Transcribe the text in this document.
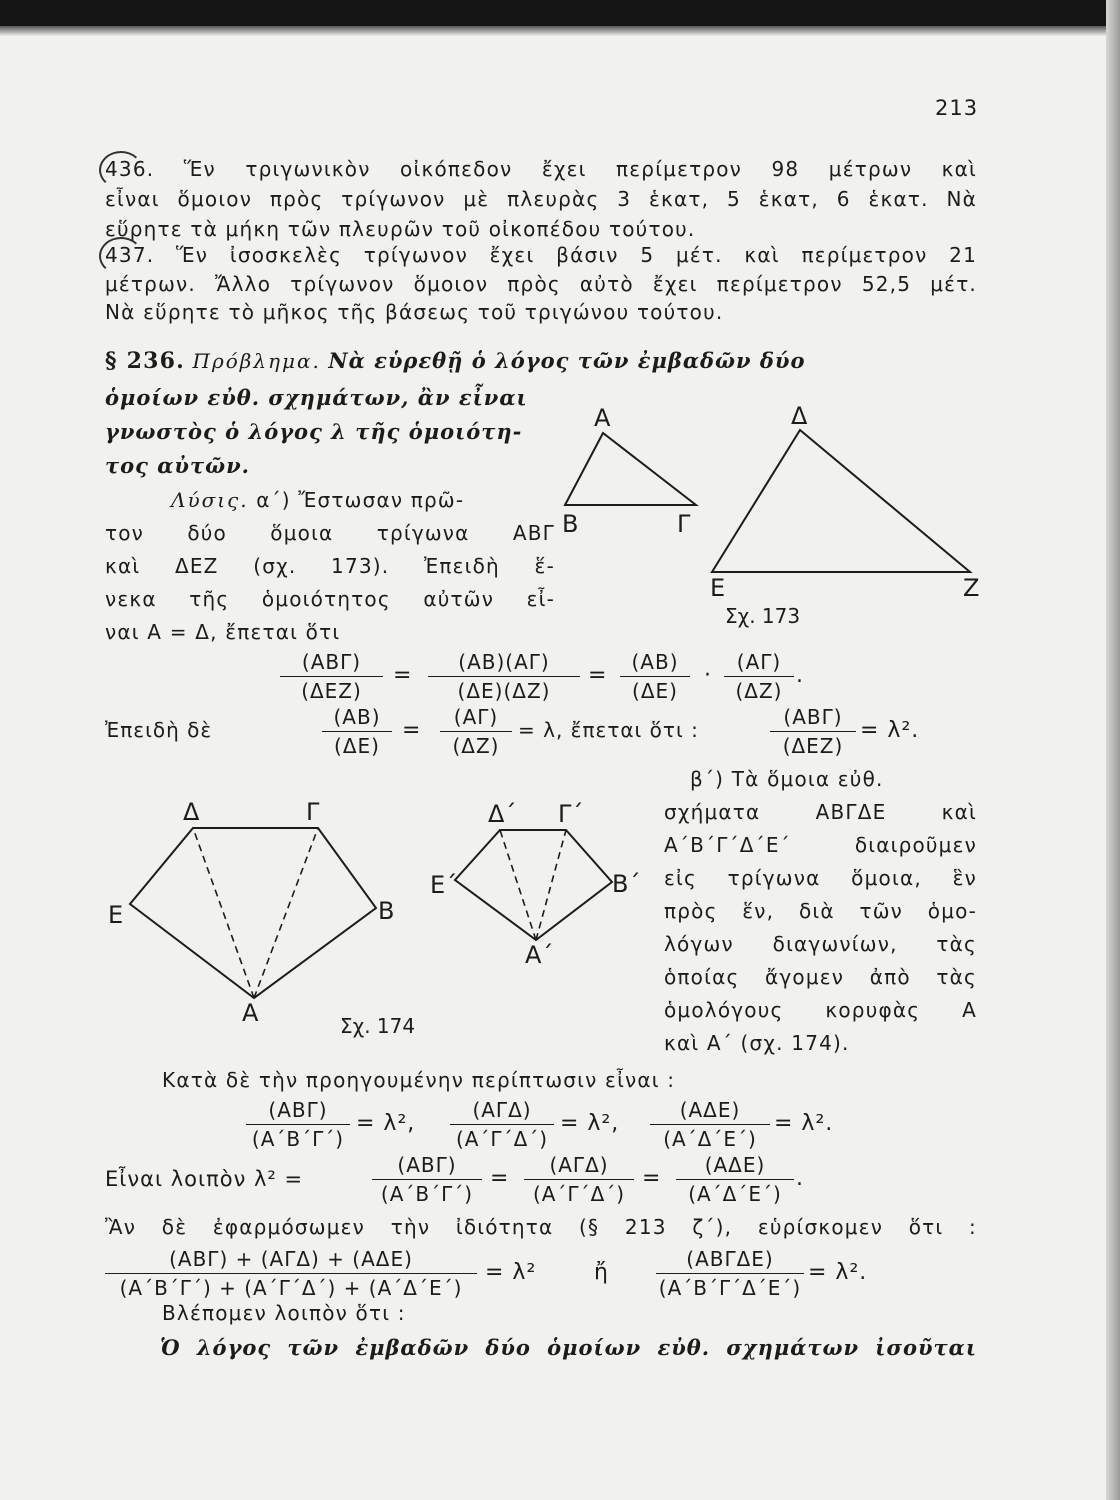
213
436. Ἕν τριγωνικὸν οἰκόπεδον ἔχει περίμετρον 98 μέτρων καὶ
εἶναι ὅμοιον πρὸς τρίγωνον μὲ πλευρὰς 3 ἑκατ, 5 ἑκατ, 6 ἑκατ. Νὰ
εὕρητε τὰ μήκη τῶν πλευρῶν τοῦ οἰκοπέδου τούτου.
437. Ἕν ἰσοσκελὲς τρίγωνον ἔχει βάσιν 5 μέτ. καὶ περίμετρον 21
μέτρων. Ἄλλο τρίγωνον ὅμοιον πρὸς αὐτὸ ἔχει περίμετρον 52,5 μέτ.
Νὰ εὕρητε τὸ μῆκος τῆς βάσεως τοῦ τριγώνου τούτου.
§ 236. Πρόβλημα. Νὰ εὑρεθῇ ὁ λόγος τῶν ἐμβαδῶν δύο
ὁμοίων εὐθ. σχημάτων, ἂν εἶναι
γνωστὸς ὁ λόγος λ τῆς ὁμοιότη-
τος αὐτῶν.
Λύσις. α΄) Ἔστωσαν πρῶ-
τον δύο ὅμοια τρίγωνα ΑΒΓ
καὶ ΔΕΖ (σχ. 173). Ἐπειδὴ ἕ-
νεκα τῆς ὁμοιότητος αὐτῶν εἶ-
ναι Α = Δ, ἔπεται ὅτι
Α
Β	Γ
Δ
Ε	Ζ
Σχ. 173
(ΑΒΓ)
(ΔΕΖ)
= $\frac{(AB)(A\Gamma)}{(\Delta E)(\Delta Z)} = \frac{(AB)}{(\Delta E)} \cdot \frac{(A\Gamma)}{(\Delta Z)}$ .
Ἐπειδὴ δὲ	$\frac{(AB)}{(\Delta E)} = \frac{(A\Gamma)}{(\Delta Z)} = \lambda$, ἔπεται ὅτι :
(ΑΒΓ)
(ΔΕΖ)
= λ².
β΄) Τὰ ὅμοια εὐθ.
σχήματα ΑΒΓΔΕ καὶ
Α΄Β΄Γ΄Δ΄Ε΄ διαιροῦμεν
εἰς τρίγωνα ὅμοια, ἓν
πρὸς ἕν, διὰ τῶν ὁμο-
λόγων διαγωνίων, τὰς
ὁποίας ἄγομεν ἀπὸ τὰς
ὁμολόγους κορυφὰς Α
καὶ Α΄ (σχ. 174).
Δ	Γ
Ε	Β
Α
Δ΄ Γ΄
Ε΄	Β΄
Α΄
Σχ. 174
Κατὰ δὲ τὴν προηγουμένην περίπτωσιν εἶναι :
(ΑΒΓ)
(Α΄Β΄Γ΄)
= λ²,
(ΑΓΔ)
(Α΄Γ΄Δ΄)
= λ²,
(ΑΔΕ)
(Α΄Δ΄Ε΄)
= λ².
Εἶναι λοιπὸν λ² =
(ΑΒΓ)
(Α΄Β΄Γ΄)
=
(ΑΓΔ)
(Α΄Γ΄Δ΄)
=
(ΑΔΕ)
(Α΄Δ΄Ε΄)
.
Ἂν δὲ ἐφαρμόσωμεν τὴν ἰδιότητα (§ 213 ζ΄), εὑρίσκομεν ὅτι :
(ΑΒΓ) + (ΑΓΔ) + (ΑΔΕ)
(Α΄Β΄Γ΄) + (Α΄Γ΄Δ΄) + (Α΄Δ΄Ε΄)
= λ²	ἤ
(ΑΒΓΔΕ)
(Α΄Β΄Γ΄Δ΄Ε΄)
= λ².
Βλέπομεν λοιπὸν ὅτι :
Ὁ λόγος τῶν ἐμβαδῶν δύο ὁμοίων εὐθ. σχημάτων ἰσοῦται
